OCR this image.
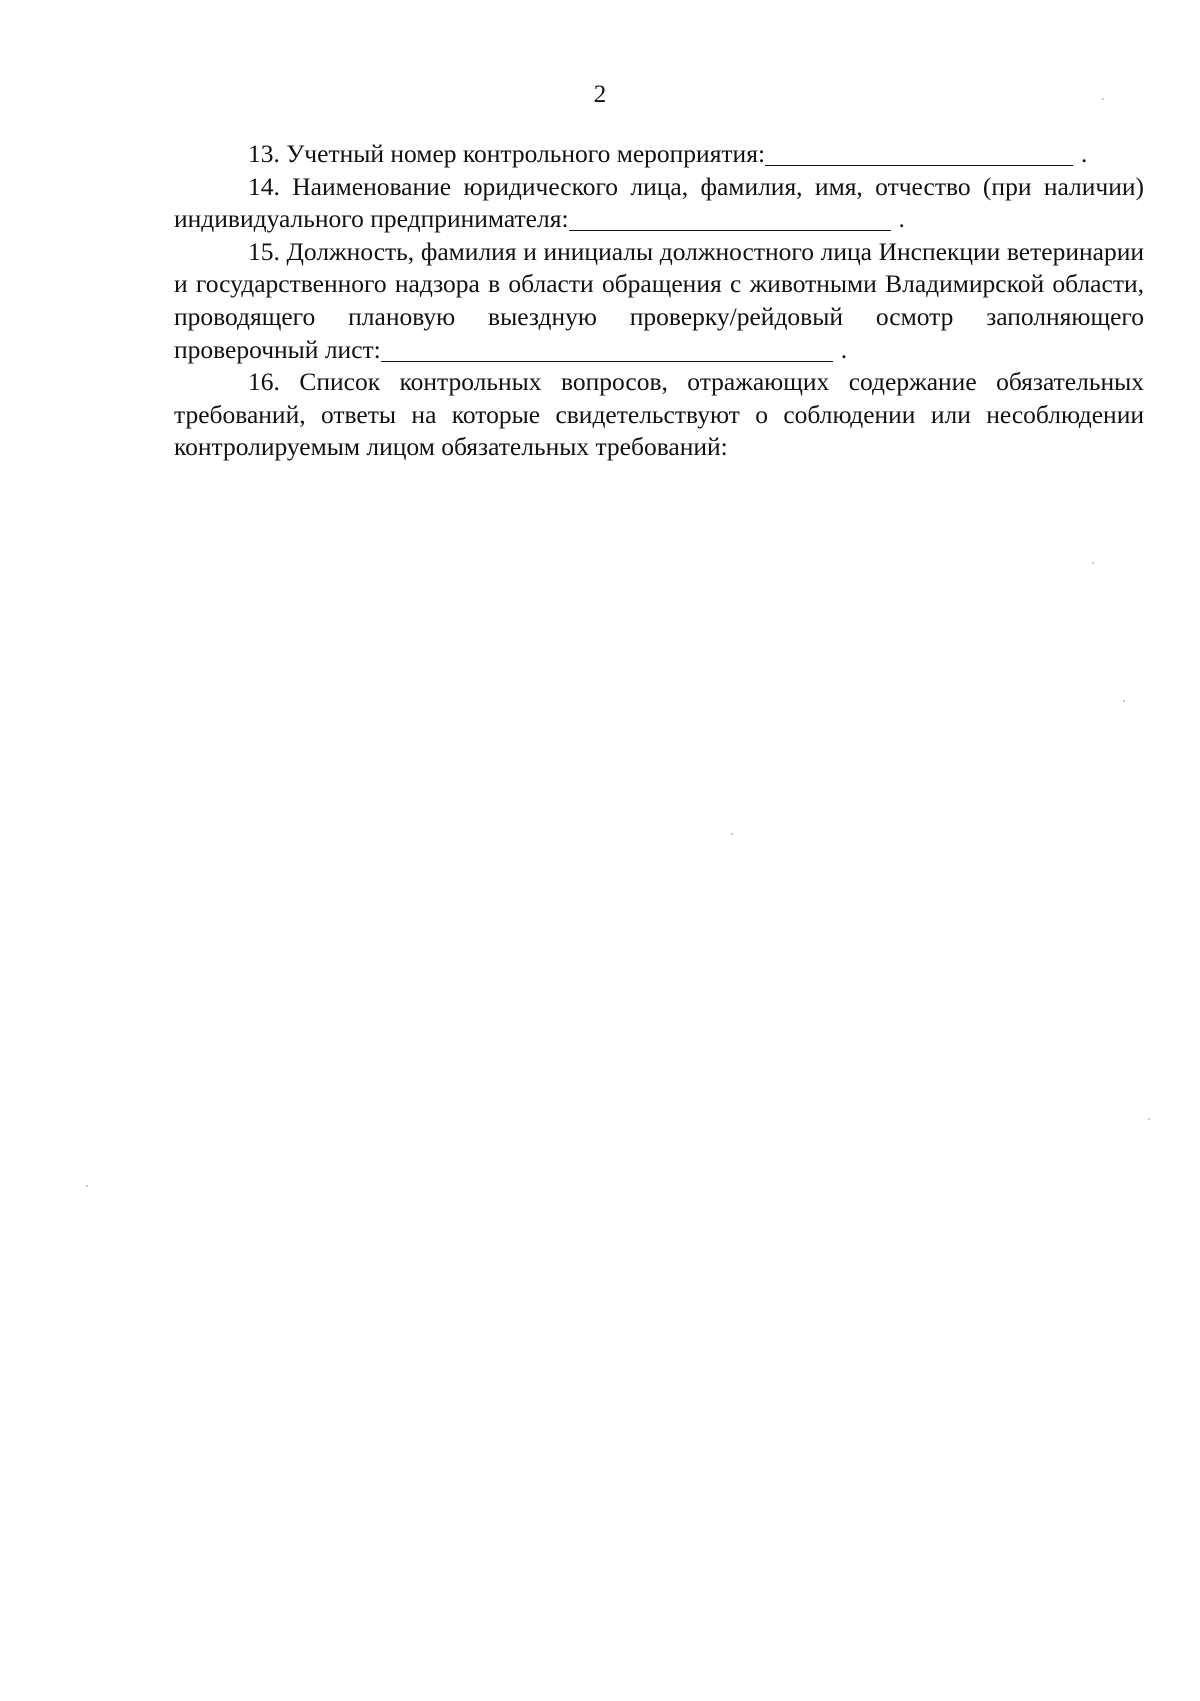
2

13. Учетный номер контрольного мероприятия:	.

14. Наименование юридического лица, фамилия, имя, отчество (при наличии) индивидуального предпринимателя:	.

15. Должность, фамилия и инициалы должностного лица Инспекции ветеринарии и государственного надзора в области обращения с животными Владимирской области, проводящего плановую выездную проверку/рейдовый осмотр заполняющего проверочный лист:	.

16. Список контрольных вопросов, отражающих содержание обязательных требований, ответы на которые свидетельствуют о соблюдении или несоблюдении контролируемым лицом обязательных требований:
